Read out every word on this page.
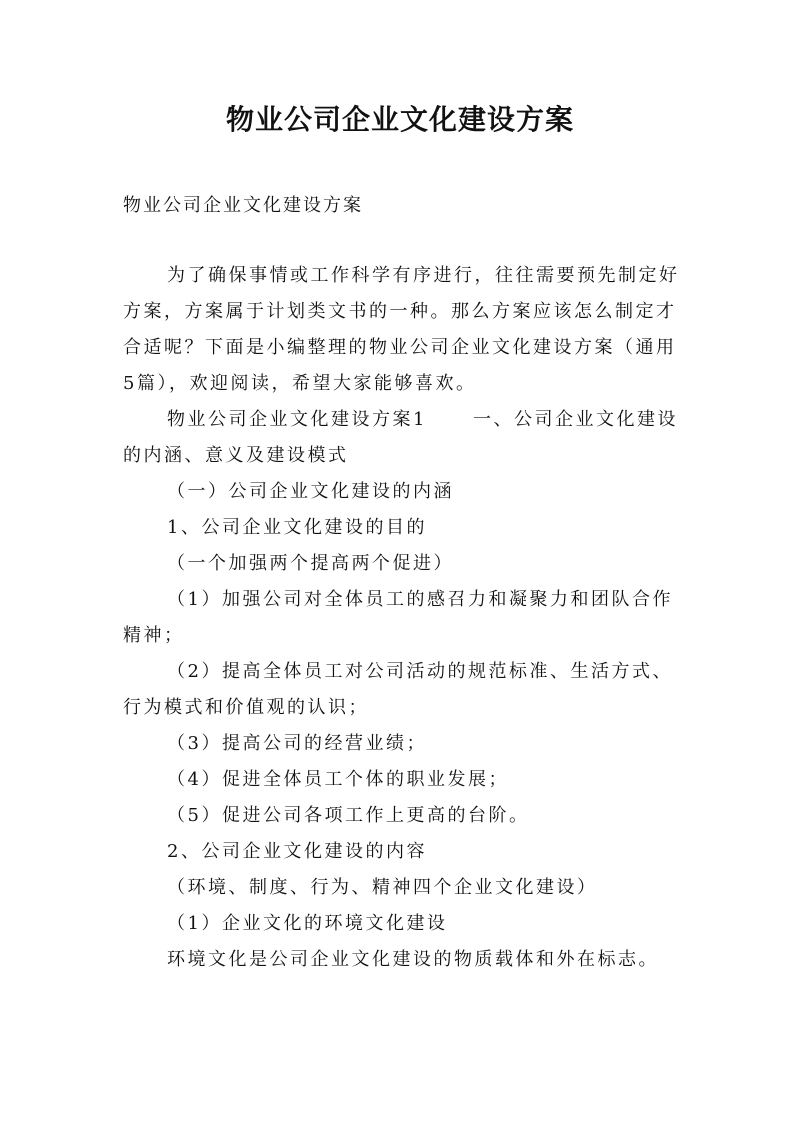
物业公司企业文化建设方案
物业公司企业文化建设方案

为了确保事情或工作科学有序进行，往往需要预先制定好方案，方案属于计划类文书的一种。那么方案应该怎么制定才合适呢？下面是小编整理的物业公司企业文化建设方案（通用5篇），欢迎阅读，希望大家能够喜欢。

物业公司企业文化建设方案1	一、公司企业文化建设的内涵、意义及建设模式

（一）公司企业文化建设的内涵

1、公司企业文化建设的目的

（一个加强两个提高两个促进）

（1）加强公司对全体员工的感召力和凝聚力和团队合作精神；

（2）提高全体员工对公司活动的规范标准、生活方式、行为模式和价值观的认识；

（3）提高公司的经营业绩；

（4）促进全体员工个体的职业发展；

（5）促进公司各项工作上更高的台阶。

2、公司企业文化建设的内容

（环境、制度、行为、精神四个企业文化建设）

（1）企业文化的环境文化建设

环境文化是公司企业文化建设的物质载体和外在标志。
